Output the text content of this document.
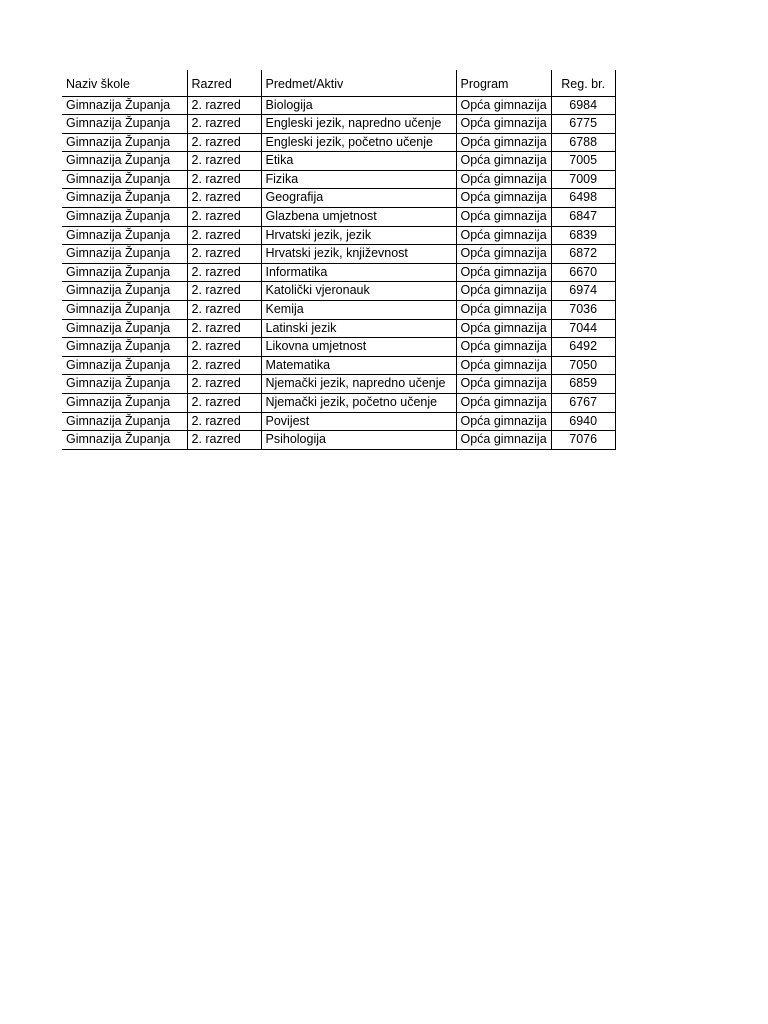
Naziv škole	Razred	Predmet/Aktiv	Program	Reg. br.
Gimnazija Županja	2. razred	Biologija	Opća gimnazija	6984
Gimnazija Županja	2. razred	Engleski jezik, napredno učenje	Opća gimnazija	6775
Gimnazija Županja	2. razred	Engleski jezik, početno učenje	Opća gimnazija	6788
Gimnazija Županja	2. razred	Etika	Opća gimnazija	7005
Gimnazija Županja	2. razred	Fizika	Opća gimnazija	7009
Gimnazija Županja	2. razred	Geografija	Opća gimnazija	6498
Gimnazija Županja	2. razred	Glazbena umjetnost	Opća gimnazija	6847
Gimnazija Županja	2. razred	Hrvatski jezik, jezik	Opća gimnazija	6839
Gimnazija Županja	2. razred	Hrvatski jezik, književnost	Opća gimnazija	6872
Gimnazija Županja	2. razred	Informatika	Opća gimnazija	6670
Gimnazija Županja	2. razred	Katolički vjeronauk	Opća gimnazija	6974
Gimnazija Županja	2. razred	Kemija	Opća gimnazija	7036
Gimnazija Županja	2. razred	Latinski jezik	Opća gimnazija	7044
Gimnazija Županja	2. razred	Likovna umjetnost	Opća gimnazija	6492
Gimnazija Županja	2. razred	Matematika	Opća gimnazija	7050
Gimnazija Županja	2. razred	Njemački jezik, napredno učenje	Opća gimnazija	6859
Gimnazija Županja	2. razred	Njemački jezik, početno učenje	Opća gimnazija	6767
Gimnazija Županja	2. razred	Povijest	Opća gimnazija	6940
Gimnazija Županja	2. razred	Psihologija	Opća gimnazija	7076
